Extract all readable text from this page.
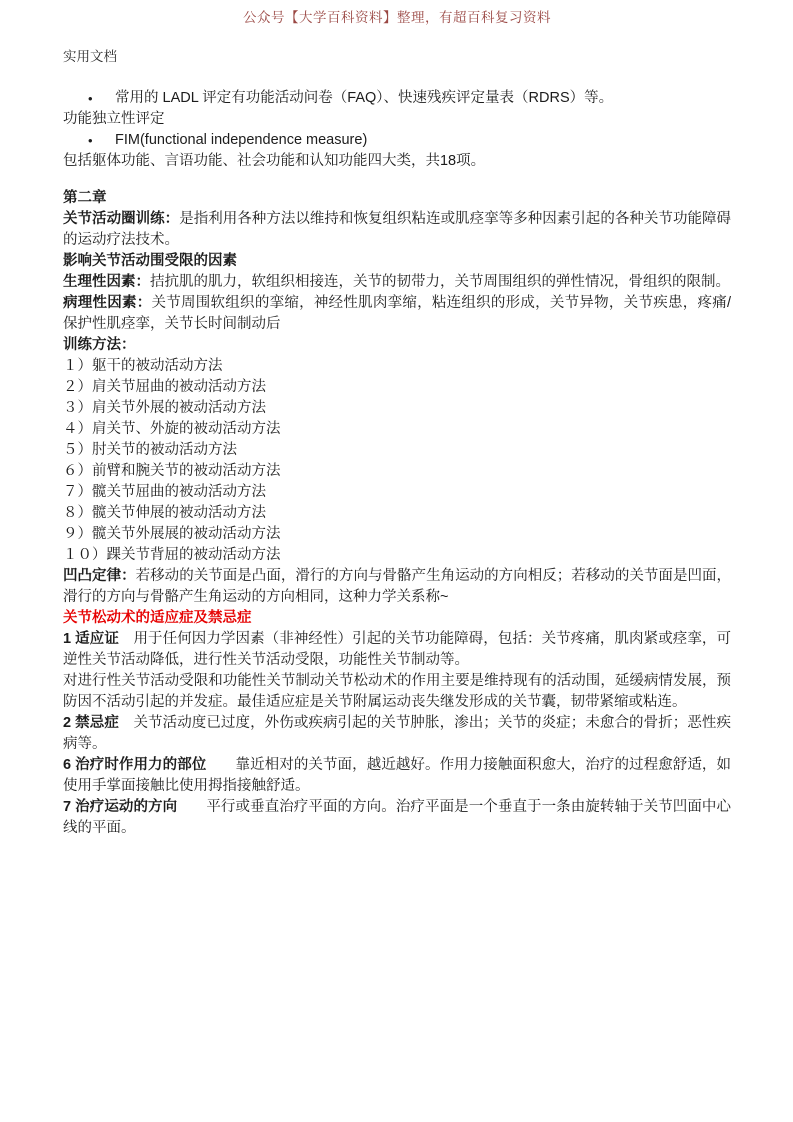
公众号【大学百科资料】整理，有超百科复习资料
实用文档

• 常用的 LADL 评定有功能活动问卷（FAQ）、快速残疾评定量表（RDRS）等。

功能独立性评定

• FIM(functional independence measure)

包括躯体功能、言语功能、社会功能和认知功能四大类，共18项。

第二章

关节活动圈训练：是指利用各种方法以维持和恢复组织粘连或肌痉挛等多种因素引起的各种关节功能障碍的运动疗法技术。

影响关节活动围受限的因素

生理性因素：拮抗肌的肌力，软组织相接连，关节的韧带力，关节周围组织的弹性情况，骨组织的限制。

病理性因素：关节周围软组织的挛缩，神经性肌肉挛缩，粘连组织的形成，关节异物，关节疾患，疼痛/保护性肌痉挛，关节长时间制动后

训练方法：

１）躯干的被动活动方法

２）肩关节屈曲的被动活动方法

３）肩关节外展的被动活动方法

４）肩关节、外旋的被动活动方法

５）肘关节的被动活动方法

６）前臂和腕关节的被动活动方法

７）髋关节屈曲的被动活动方法

８）髋关节伸展的被动活动方法

９）髋关节外展展的被动活动方法

１０）踝关节背屈的被动活动方法

凹凸定律：若移动的关节面是凸面，滑行的方向与骨骼产生角运动的方向相反；若移动的关节面是凹面，滑行的方向与骨骼产生角运动的方向相同，这种力学关系称~

关节松动术的适应症及禁忌症

1 适应证　用于任何因力学因素（非神经性）引起的关节功能障碍，包括：关节疼痛，肌肉紧或痉挛，可逆性关节活动降低，进行性关节活动受限，功能性关节制动等。

对进行性关节活动受限和功能性关节制动关节松动术的作用主要是维持现有的活动围，延缓病情发展，预防因不活动引起的并发症。最佳适应症是关节附属运动丧失继发形成的关节囊，韧带紧缩或粘连。

2 禁忌症　关节活动度已过度，外伤或疾病引起的关节肿胀，渗出；关节的炎症；未愈合的骨折；恶性疾病等。

6 治疗时作用力的部位　　靠近相对的关节面，越近越好。作用力接触面积愈大，治疗的过程愈舒适，如使用手掌面接触比使用拇指接触舒适。

7 治疗运动的方向　　平行或垂直治疗平面的方向。治疗平面是一个垂直于一条由旋转轴于关节凹面中心线的平面。
